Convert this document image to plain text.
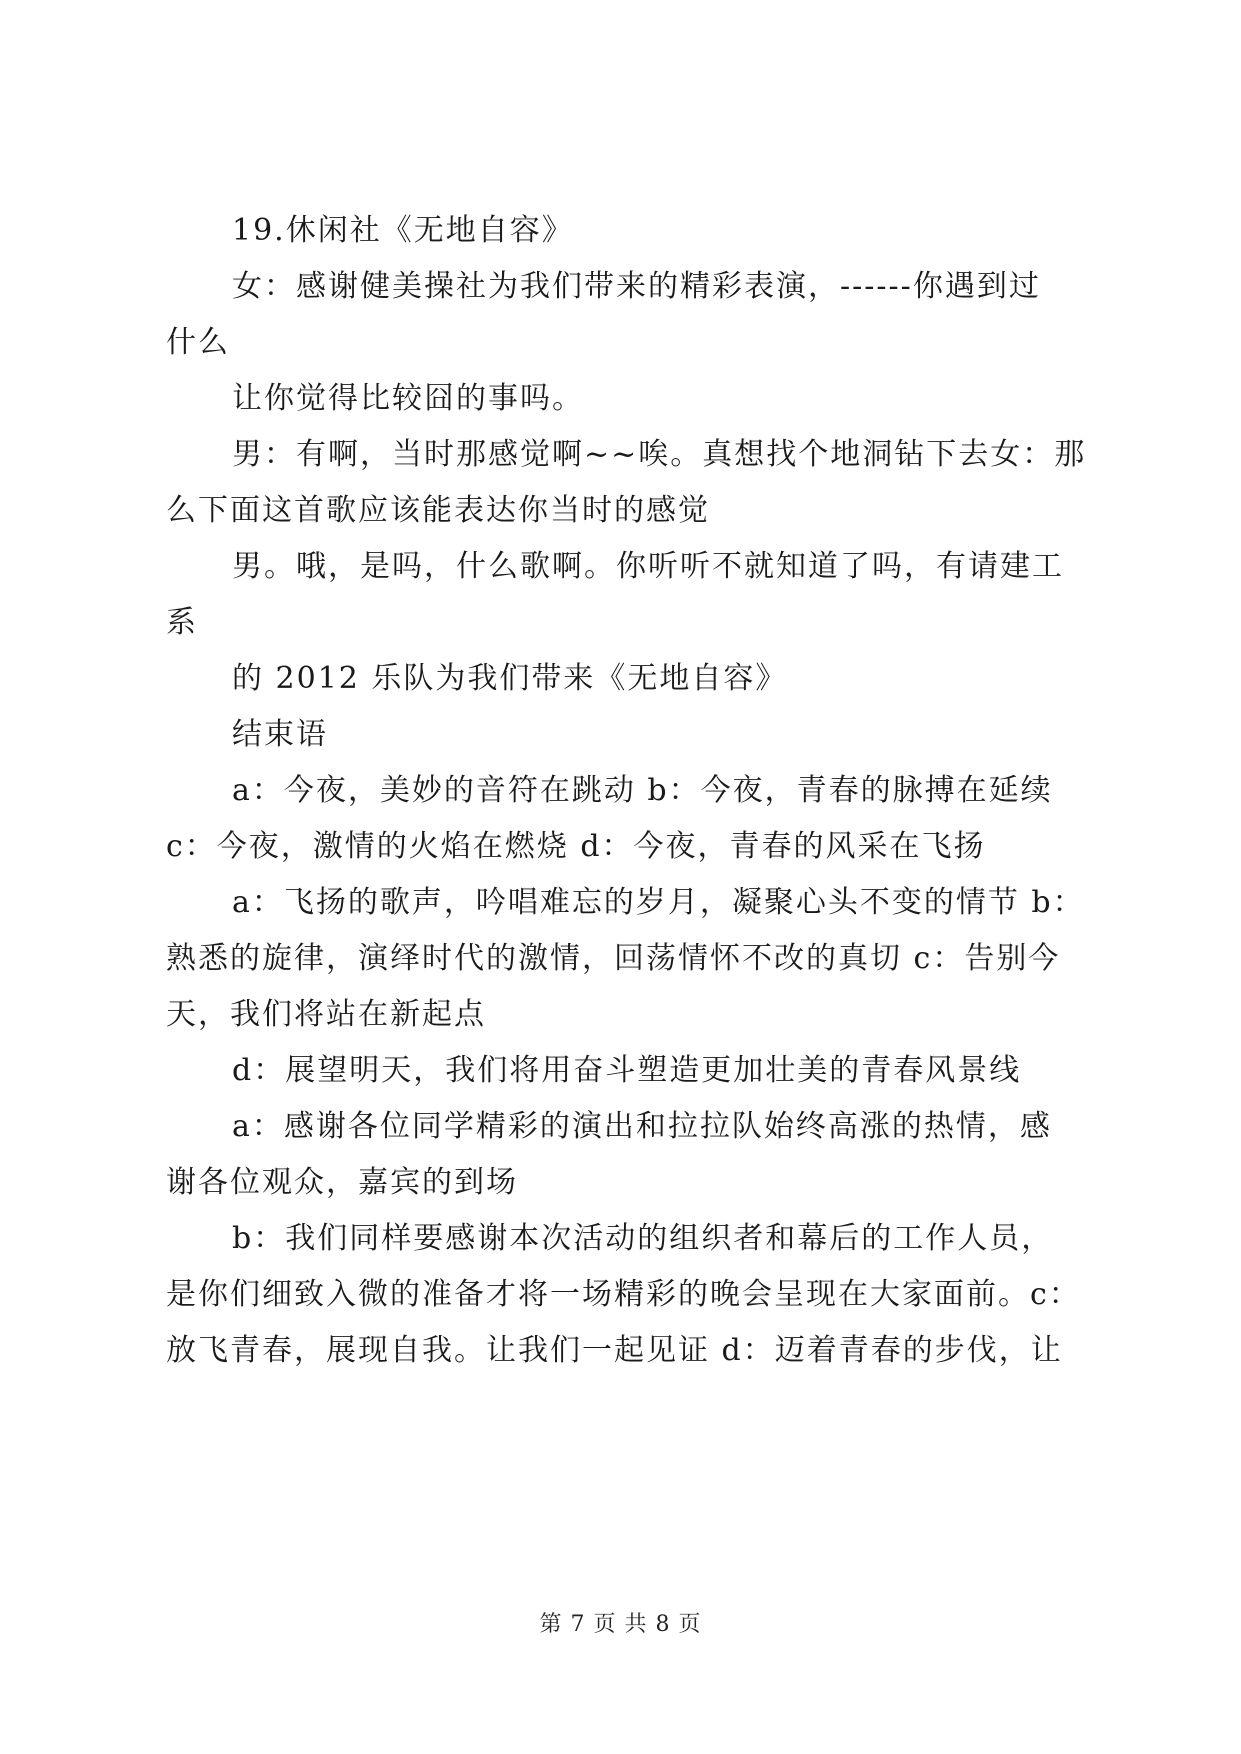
19.休闲社《无地自容》
女：感谢健美操社为我们带来的精彩表演，------你遇到过
什么
让你觉得比较囧的事吗。
男：有啊，当时那感觉啊~~唉。真想找个地洞钻下去女：那
么下面这首歌应该能表达你当时的感觉
男。哦，是吗，什么歌啊。你听听不就知道了吗，有请建工
系
的 2012 乐队为我们带来《无地自容》
结束语
a：今夜，美妙的音符在跳动 b：今夜，青春的脉搏在延续
c：今夜，激情的火焰在燃烧 d：今夜，青春的风采在飞扬
a：飞扬的歌声，吟唱难忘的岁月，凝聚心头不变的情节 b：
熟悉的旋律，演绎时代的激情，回荡情怀不改的真切 c：告别今
天，我们将站在新起点
d：展望明天，我们将用奋斗塑造更加壮美的青春风景线
a：感谢各位同学精彩的演出和拉拉队始终高涨的热情，感
谢各位观众，嘉宾的到场
b：我们同样要感谢本次活动的组织者和幕后的工作人员，
是你们细致入微的准备才将一场精彩的晚会呈现在大家面前。c：
放飞青春，展现自我。让我们一起见证 d：迈着青春的步伐，让
第 7 页 共 8 页
